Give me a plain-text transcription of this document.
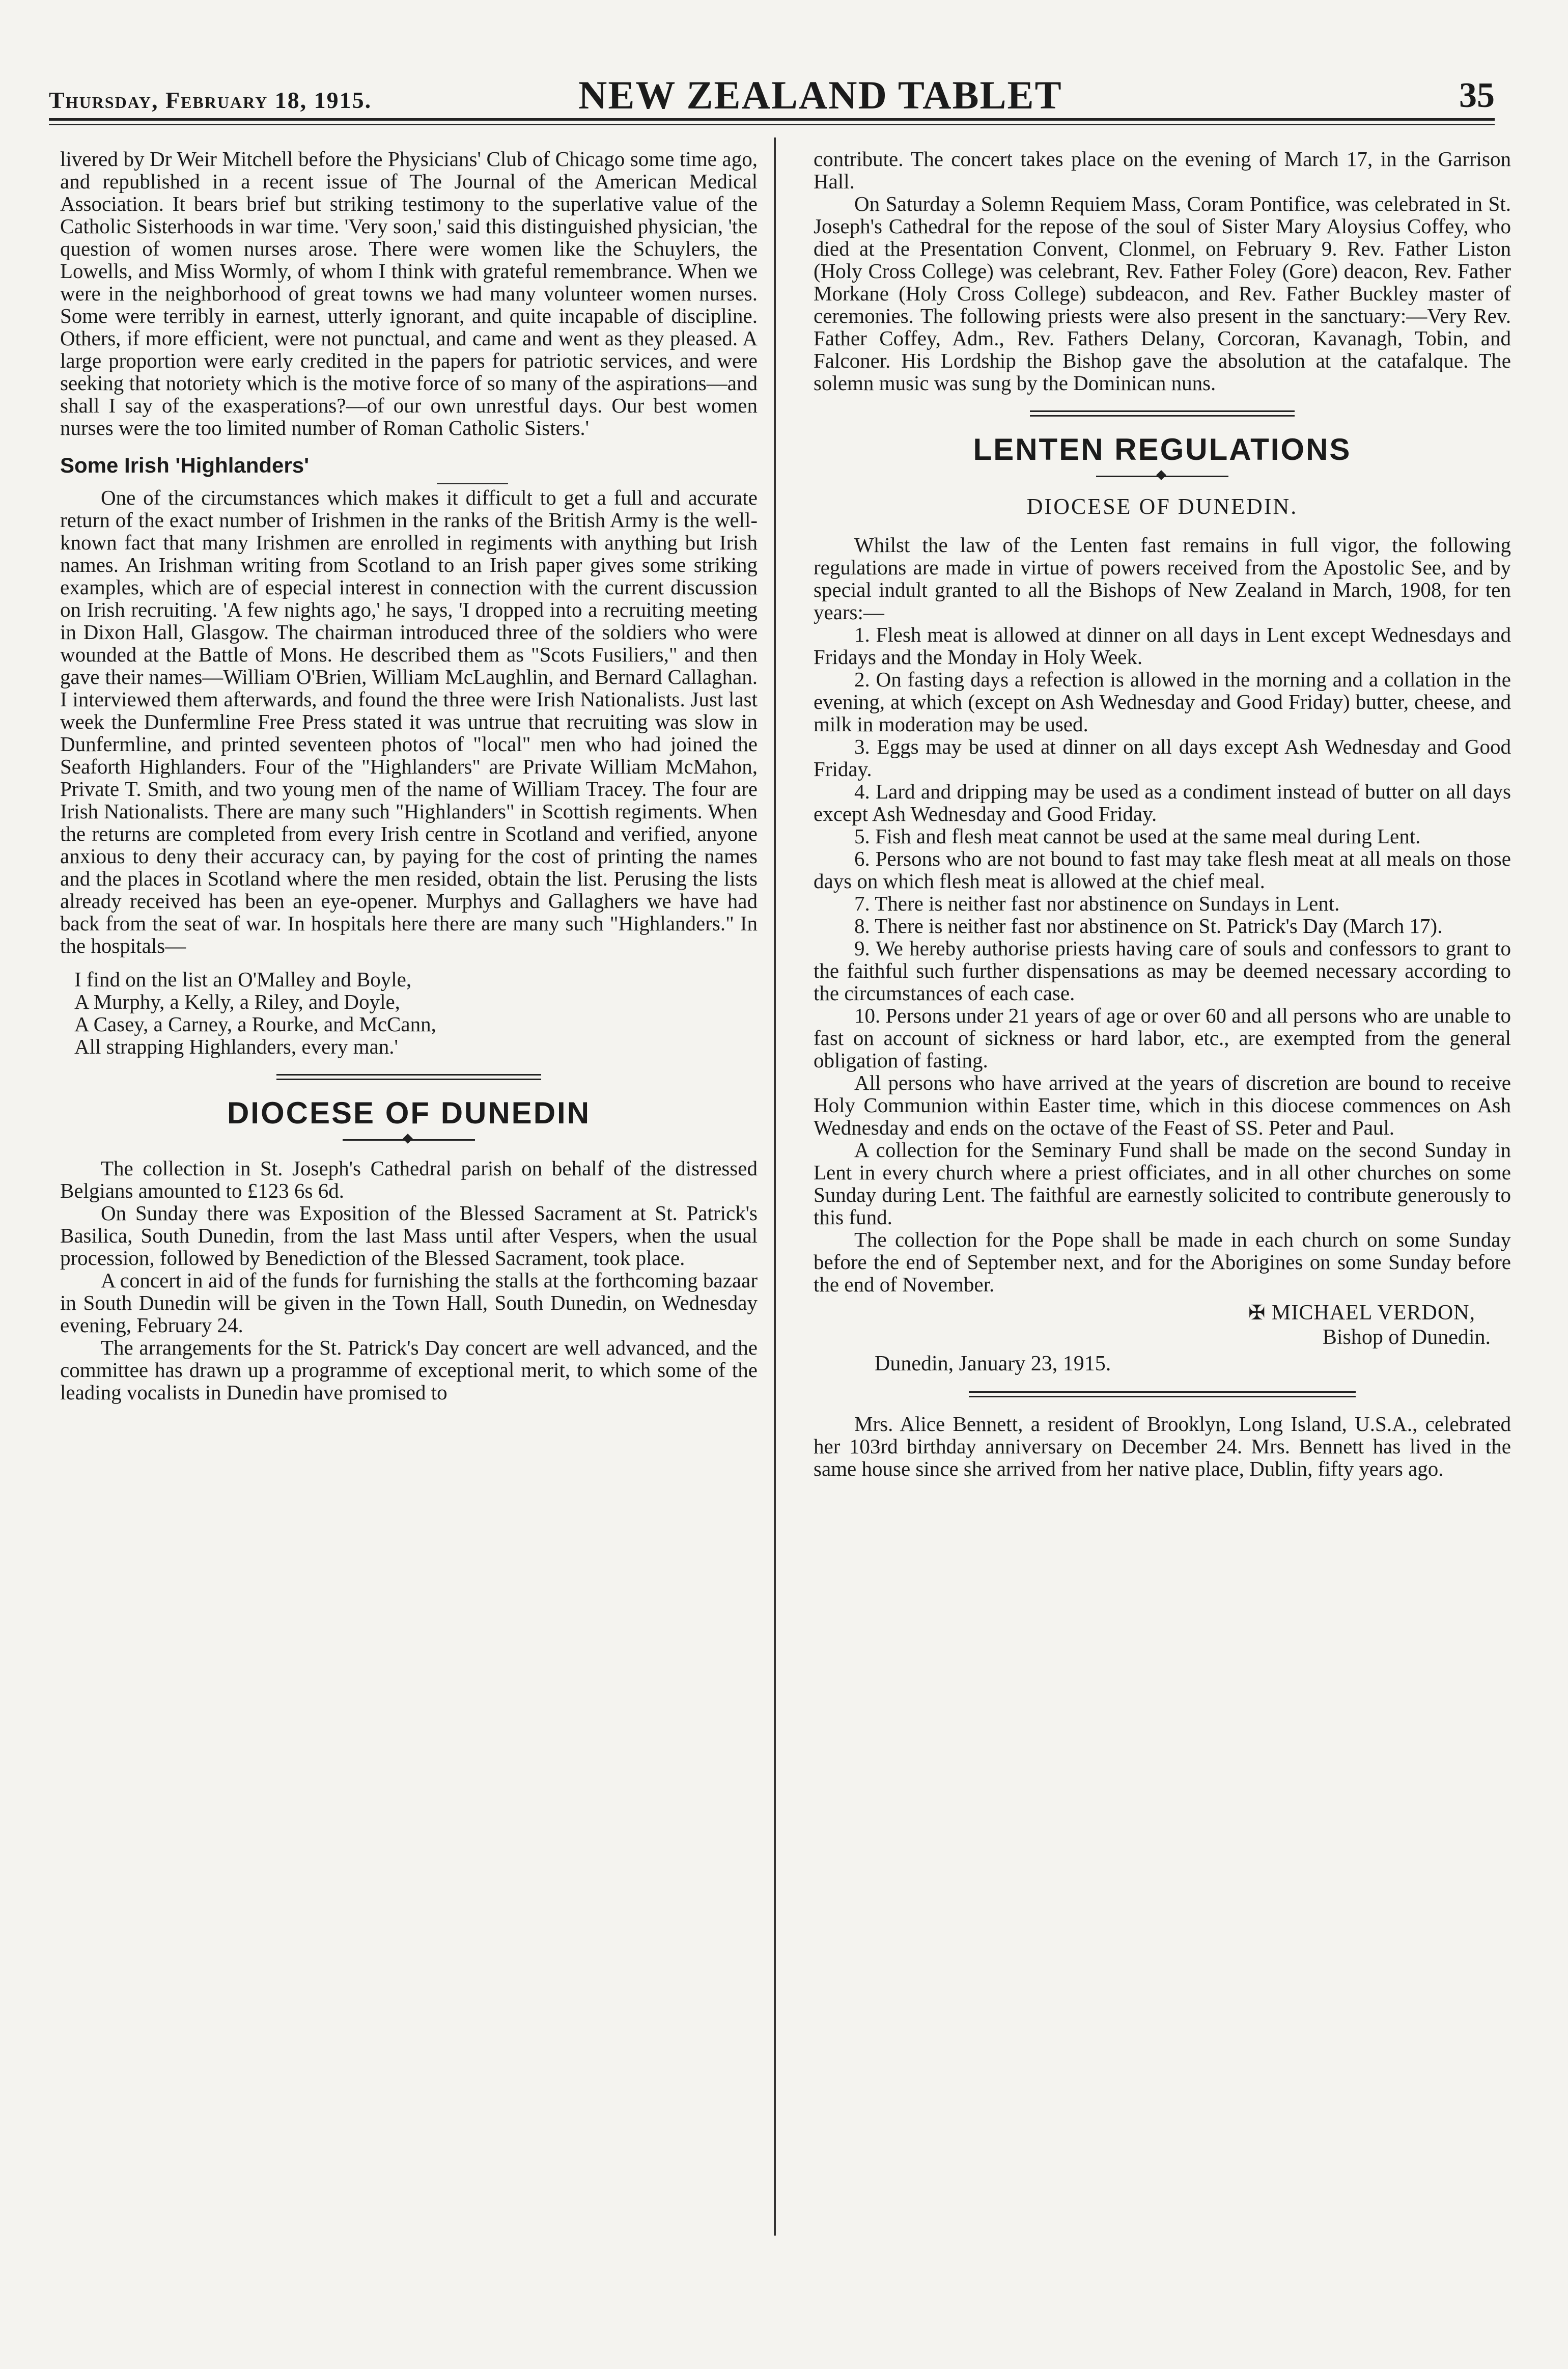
Thursday, February 18, 1915.	NEW ZEALAND TABLET	35

livered by Dr Weir Mitchell before the Physicians' Club of Chicago some time ago, and republished in a recent issue of The Journal of the American Medical Association. It bears brief but striking testimony to the superlative value of the Catholic Sisterhoods in war time. 'Very soon,' said this distinguished physician, 'the question of women nurses arose. There were women like the Schuylers, the Lowells, and Miss Wormly, of whom I think with grateful remembrance. When we were in the neighborhood of great towns we had many volunteer women nurses. Some were terribly in earnest, utterly ignorant, and quite incapable of discipline. Others, if more efficient, were not punctual, and came and went as they pleased. A large proportion were early credited in the papers for patriotic services, and were seeking that notoriety which is the motive force of so many of the aspirations—and shall I say of the exasperations?—of our own unrestful days. Our best women nurses were the too limited number of Roman Catholic Sisters.'

Some Irish 'Highlanders'

One of the circumstances which makes it difficult to get a full and accurate return of the exact number of Irishmen in the ranks of the British Army is the well-known fact that many Irishmen are enrolled in regiments with anything but Irish names. An Irishman writing from Scotland to an Irish paper gives some striking examples, which are of especial interest in connection with the current discussion on Irish recruiting. 'A few nights ago,' he says, 'I dropped into a recruiting meeting in Dixon Hall, Glasgow. The chairman introduced three of the soldiers who were wounded at the Battle of Mons. He described them as "Scots Fusiliers," and then gave their names—William O'Brien, William McLaughlin, and Bernard Callaghan. I interviewed them afterwards, and found the three were Irish Nationalists. Just last week the Dunfermline Free Press stated it was untrue that recruiting was slow in Dunfermline, and printed seventeen photos of "local" men who had joined the Seaforth Highlanders. Four of the "Highlanders" are Private William McMahon, Private T. Smith, and two young men of the name of William Tracey. The four are Irish Nationalists. There are many such "Highlanders" in Scottish regiments. When the returns are completed from every Irish centre in Scotland and verified, anyone anxious to deny their accuracy can, by paying for the cost of printing the names and the places in Scotland where the men resided, obtain the list. Perusing the lists already received has been an eye-opener. Murphys and Gallaghers we have had back from the seat of war. In hospitals here there are many such "Highlanders." In the hospitals—

I find on the list an O'Malley and Boyle,
A Murphy, a Kelly, a Riley, and Doyle,
A Casey, a Carney, a Rourke, and McCann,
All strapping Highlanders, every man.'
DIOCESE OF DUNEDIN

The collection in St. Joseph's Cathedral parish on behalf of the distressed Belgians amounted to £123 6s 6d.

On Sunday there was Exposition of the Blessed Sacrament at St. Patrick's Basilica, South Dunedin, from the last Mass until after Vespers, when the usual procession, followed by Benediction of the Blessed Sacrament, took place.

A concert in aid of the funds for furnishing the stalls at the forthcoming bazaar in South Dunedin will be given in the Town Hall, South Dunedin, on Wednesday evening, February 24.

The arrangements for the St. Patrick's Day concert are well advanced, and the committee has drawn up a programme of exceptional merit, to which some of the leading vocalists in Dunedin have promised to

contribute. The concert takes place on the evening of March 17, in the Garrison Hall.

On Saturday a Solemn Requiem Mass, Coram Pontifice, was celebrated in St. Joseph's Cathedral for the repose of the soul of Sister Mary Aloysius Coffey, who died at the Presentation Convent, Clonmel, on February 9. Rev. Father Liston (Holy Cross College) was celebrant, Rev. Father Foley (Gore) deacon, Rev. Father Morkane (Holy Cross College) subdeacon, and Rev. Father Buckley master of ceremonies. The following priests were also present in the sanctuary:—Very Rev. Father Coffey, Adm., Rev. Fathers Delany, Corcoran, Kavanagh, Tobin, and Falconer. His Lordship the Bishop gave the absolution at the catafalque. The solemn music was sung by the Dominican nuns.

LENTEN REGULATIONS
DIOCESE OF DUNEDIN.

Whilst the law of the Lenten fast remains in full vigor, the following regulations are made in virtue of powers received from the Apostolic See, and by special indult granted to all the Bishops of New Zealand in March, 1908, for ten years:—

1. Flesh meat is allowed at dinner on all days in Lent except Wednesdays and Fridays and the Monday in Holy Week.

2. On fasting days a refection is allowed in the morning and a collation in the evening, at which (except on Ash Wednesday and Good Friday) butter, cheese, and milk in moderation may be used.

3. Eggs may be used at dinner on all days except Ash Wednesday and Good Friday.

4. Lard and dripping may be used as a condiment instead of butter on all days except Ash Wednesday and Good Friday.

5. Fish and flesh meat cannot be used at the same meal during Lent.

6. Persons who are not bound to fast may take flesh meat at all meals on those days on which flesh meat is allowed at the chief meal.

7. There is neither fast nor abstinence on Sundays in Lent.

8. There is neither fast nor abstinence on St. Patrick's Day (March 17).

9. We hereby authorise priests having care of souls and confessors to grant to the faithful such further dispensations as may be deemed necessary according to the circumstances of each case.

10. Persons under 21 years of age or over 60 and all persons who are unable to fast on account of sickness or hard labor, etc., are exempted from the general obligation of fasting.

All persons who have arrived at the years of discretion are bound to receive Holy Communion within Easter time, which in this diocese commences on Ash Wednesday and ends on the octave of the Feast of SS. Peter and Paul.

A collection for the Seminary Fund shall be made on the second Sunday in Lent in every church where a priest officiates, and in all other churches on some Sunday during Lent. The faithful are earnestly solicited to contribute generously to this fund.

The collection for the Pope shall be made in each church on some Sunday before the end of September next, and for the Aborigines on some Sunday before the end of November.

✠ MICHAEL VERDON,
Bishop of Dunedin.
Dunedin, January 23, 1915.

Mrs. Alice Bennett, a resident of Brooklyn, Long Island, U.S.A., celebrated her 103rd birthday anniversary on December 24. Mrs. Bennett has lived in the same house since she arrived from her native place, Dublin, fifty years ago.
